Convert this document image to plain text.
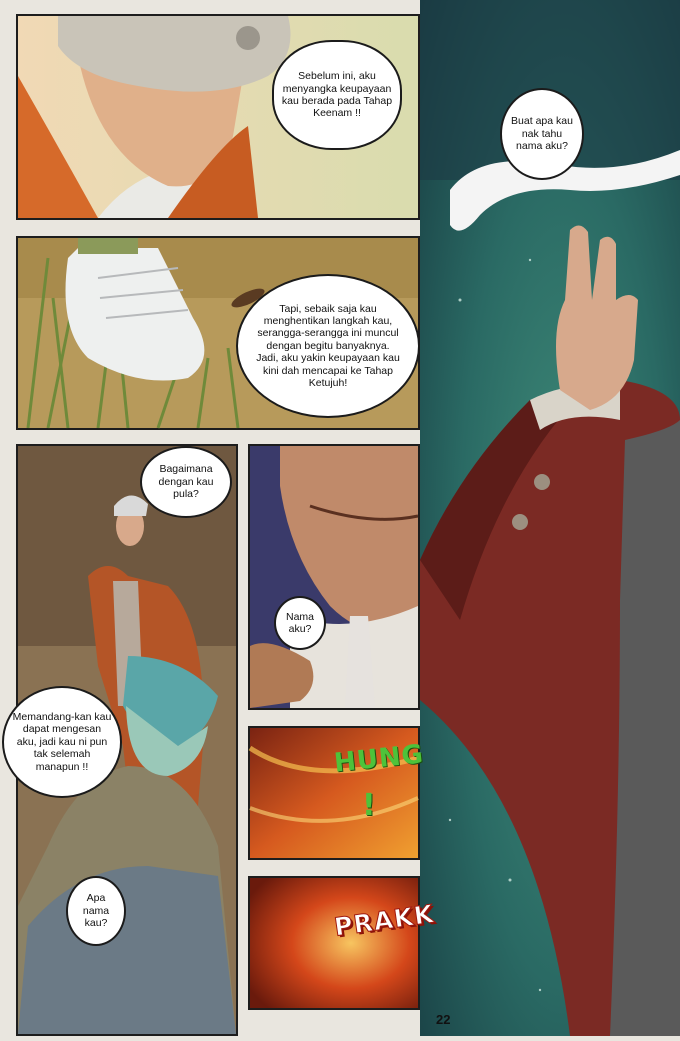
HUNG
!
PRAKK
Sebelum ini, aku menyangka keupayaan kau berada pada Tahap Keenam !!
Tapi, sebaik saja kau menghentikan langkah kau, serangga-serangga ini muncul dengan begitu banyaknya. Jadi, aku yakin keupayaan kau kini dah mencapai ke Tahap Ketujuh!
Bagaimana dengan kau pula?
Memandang-kan kau dapat mengesan aku, jadi kau ni pun tak selemah manapun !!
Apa nama kau?
Nama aku?
Buat apa kau nak tahu nama aku?
22
